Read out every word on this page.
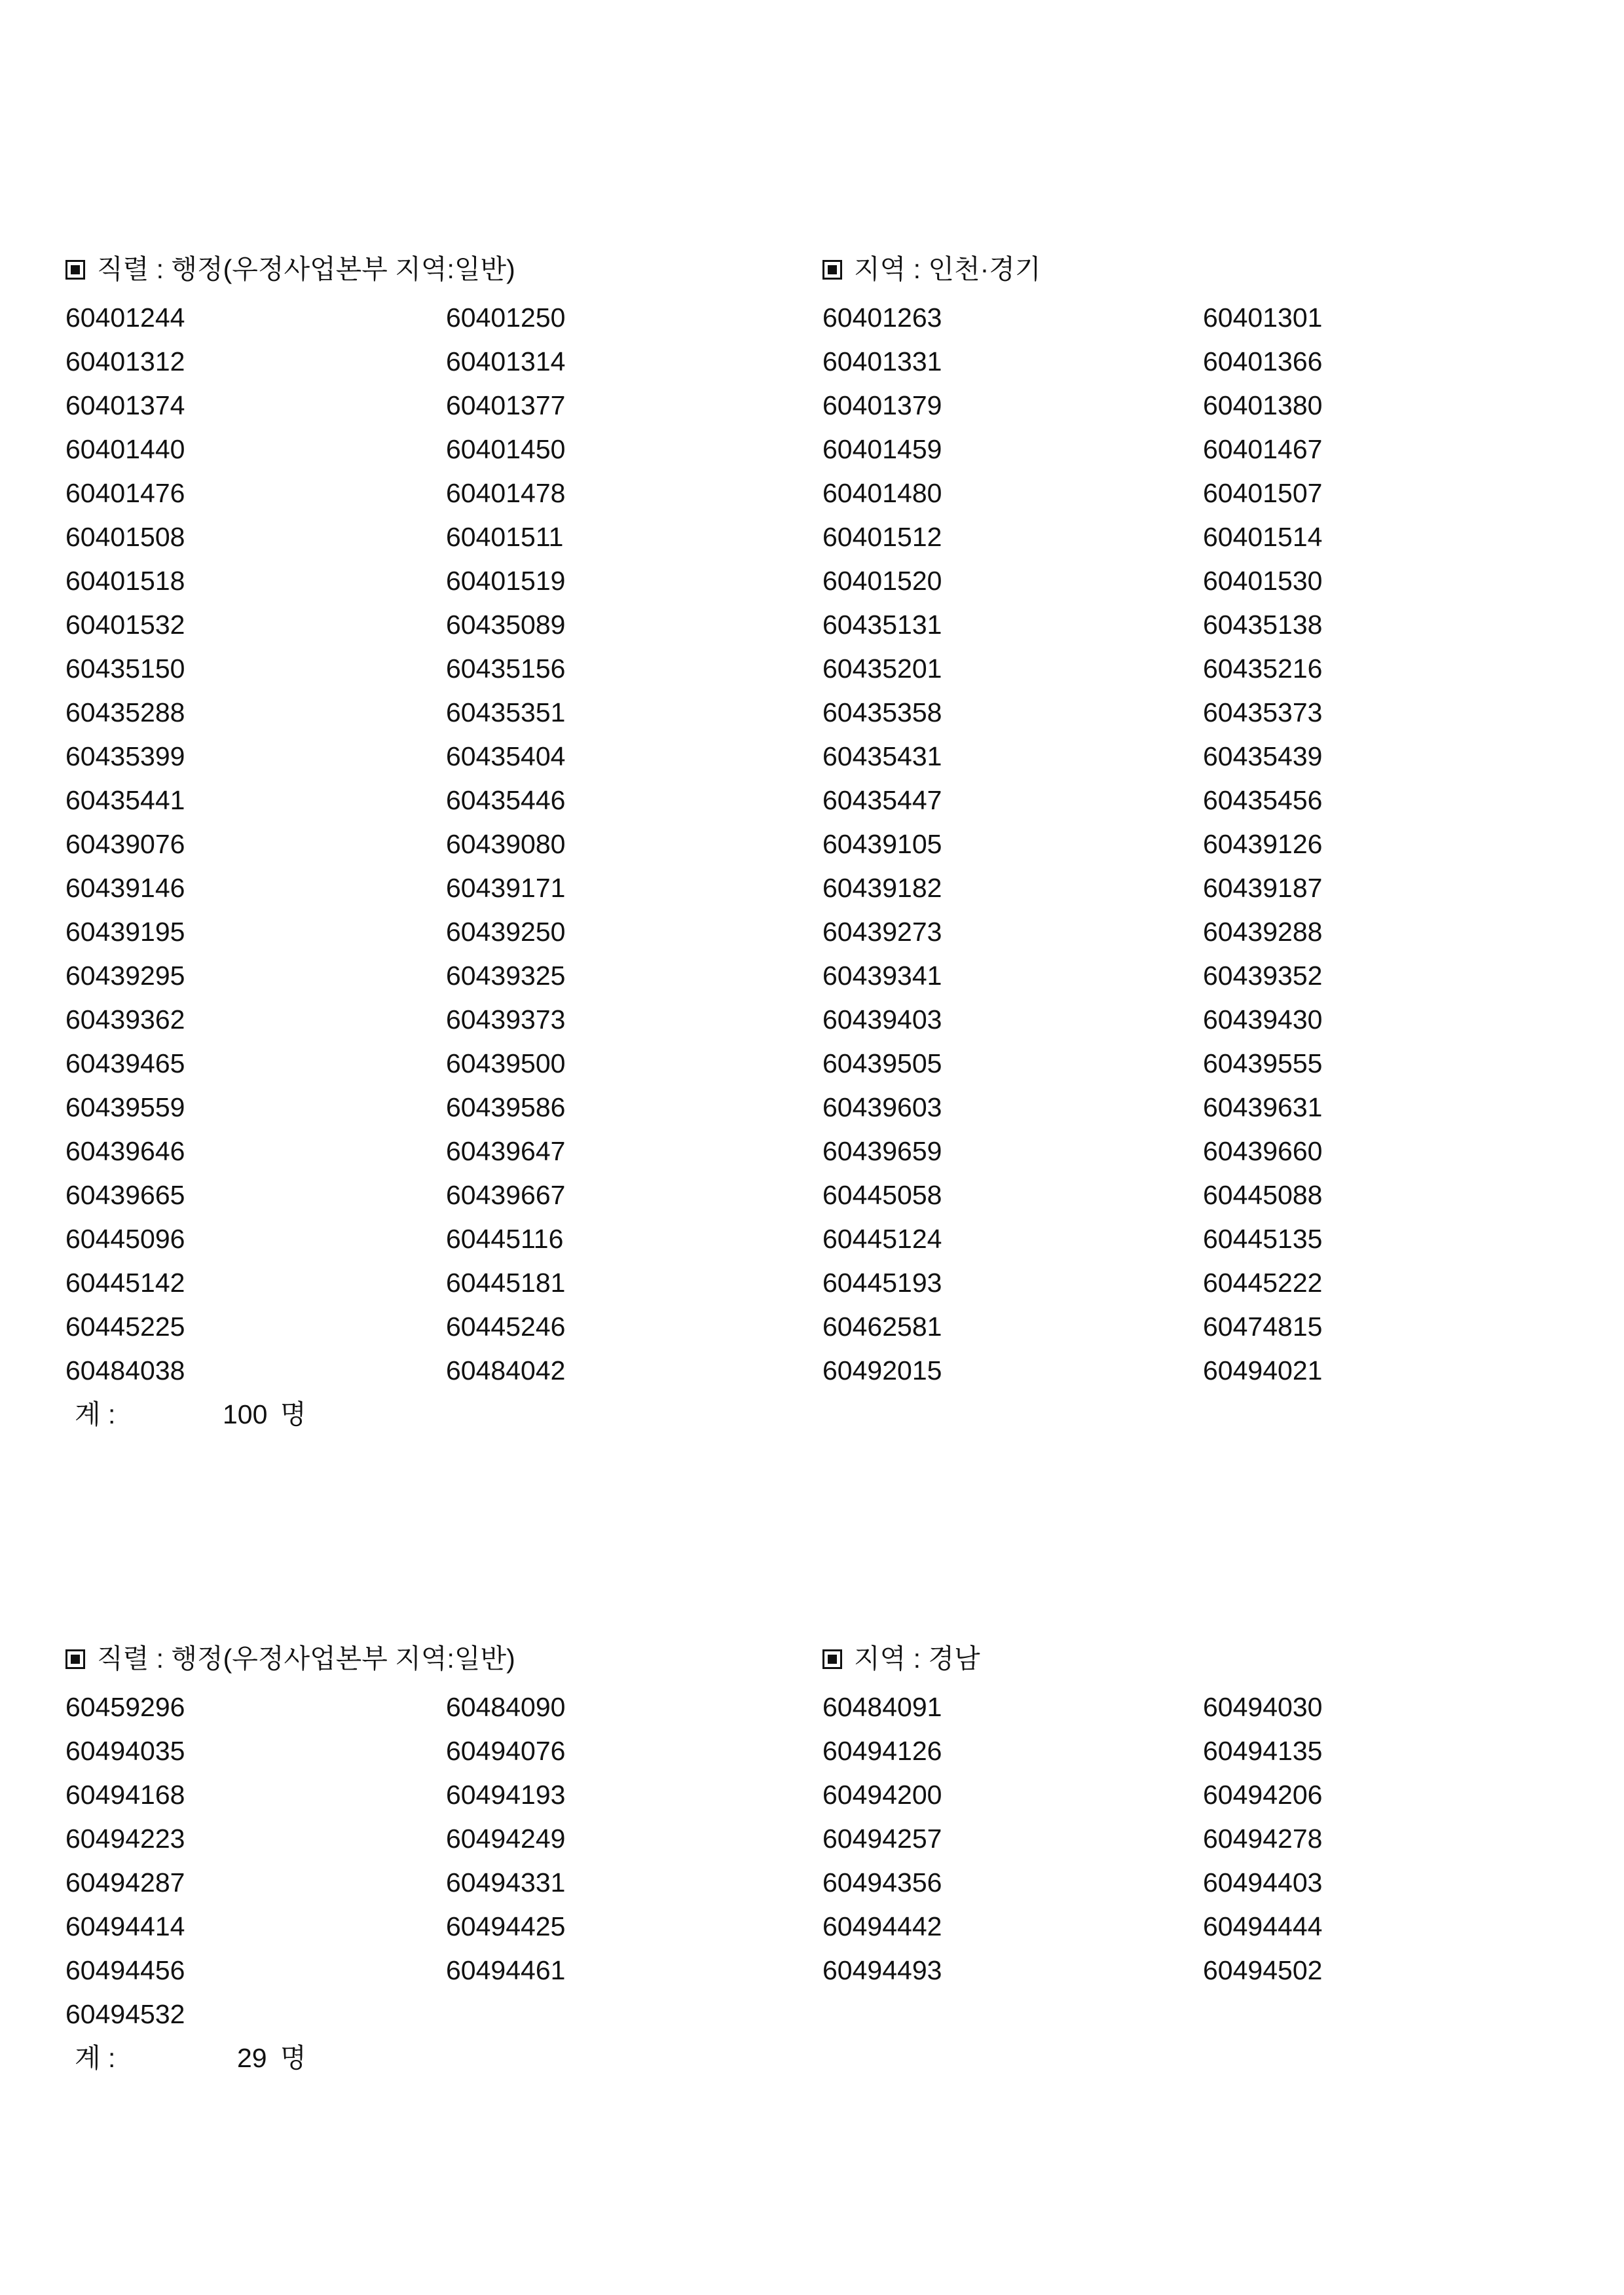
직렬 : 행정(우정사업본부 지역:일반)	지역 : 인천·경기
60401244	60401250	60401263	60401301
60401312	60401314	60401331	60401366
60401374	60401377	60401379	60401380
60401440	60401450	60401459	60401467
60401476	60401478	60401480	60401507
60401508	60401511	60401512	60401514
60401518	60401519	60401520	60401530
60401532	60435089	60435131	60435138
60435150	60435156	60435201	60435216
60435288	60435351	60435358	60435373
60435399	60435404	60435431	60435439
60435441	60435446	60435447	60435456
60439076	60439080	60439105	60439126
60439146	60439171	60439182	60439187
60439195	60439250	60439273	60439288
60439295	60439325	60439341	60439352
60439362	60439373	60439403	60439430
60439465	60439500	60439505	60439555
60439559	60439586	60439603	60439631
60439646	60439647	60439659	60439660
60439665	60439667	60445058	60445088
60445096	60445116	60445124	60445135
60445142	60445181	60445193	60445222
60445225	60445246	60462581	60474815
60484038	60484042	60492015	60494021
계 :	100 명
직렬 : 행정(우정사업본부 지역:일반)	지역 : 경남
60459296	60484090	60484091	60494030
60494035	60494076	60494126	60494135
60494168	60494193	60494200	60494206
60494223	60494249	60494257	60494278
60494287	60494331	60494356	60494403
60494414	60494425	60494442	60494444
60494456	60494461	60494493	60494502
60494532
계 :	29 명
